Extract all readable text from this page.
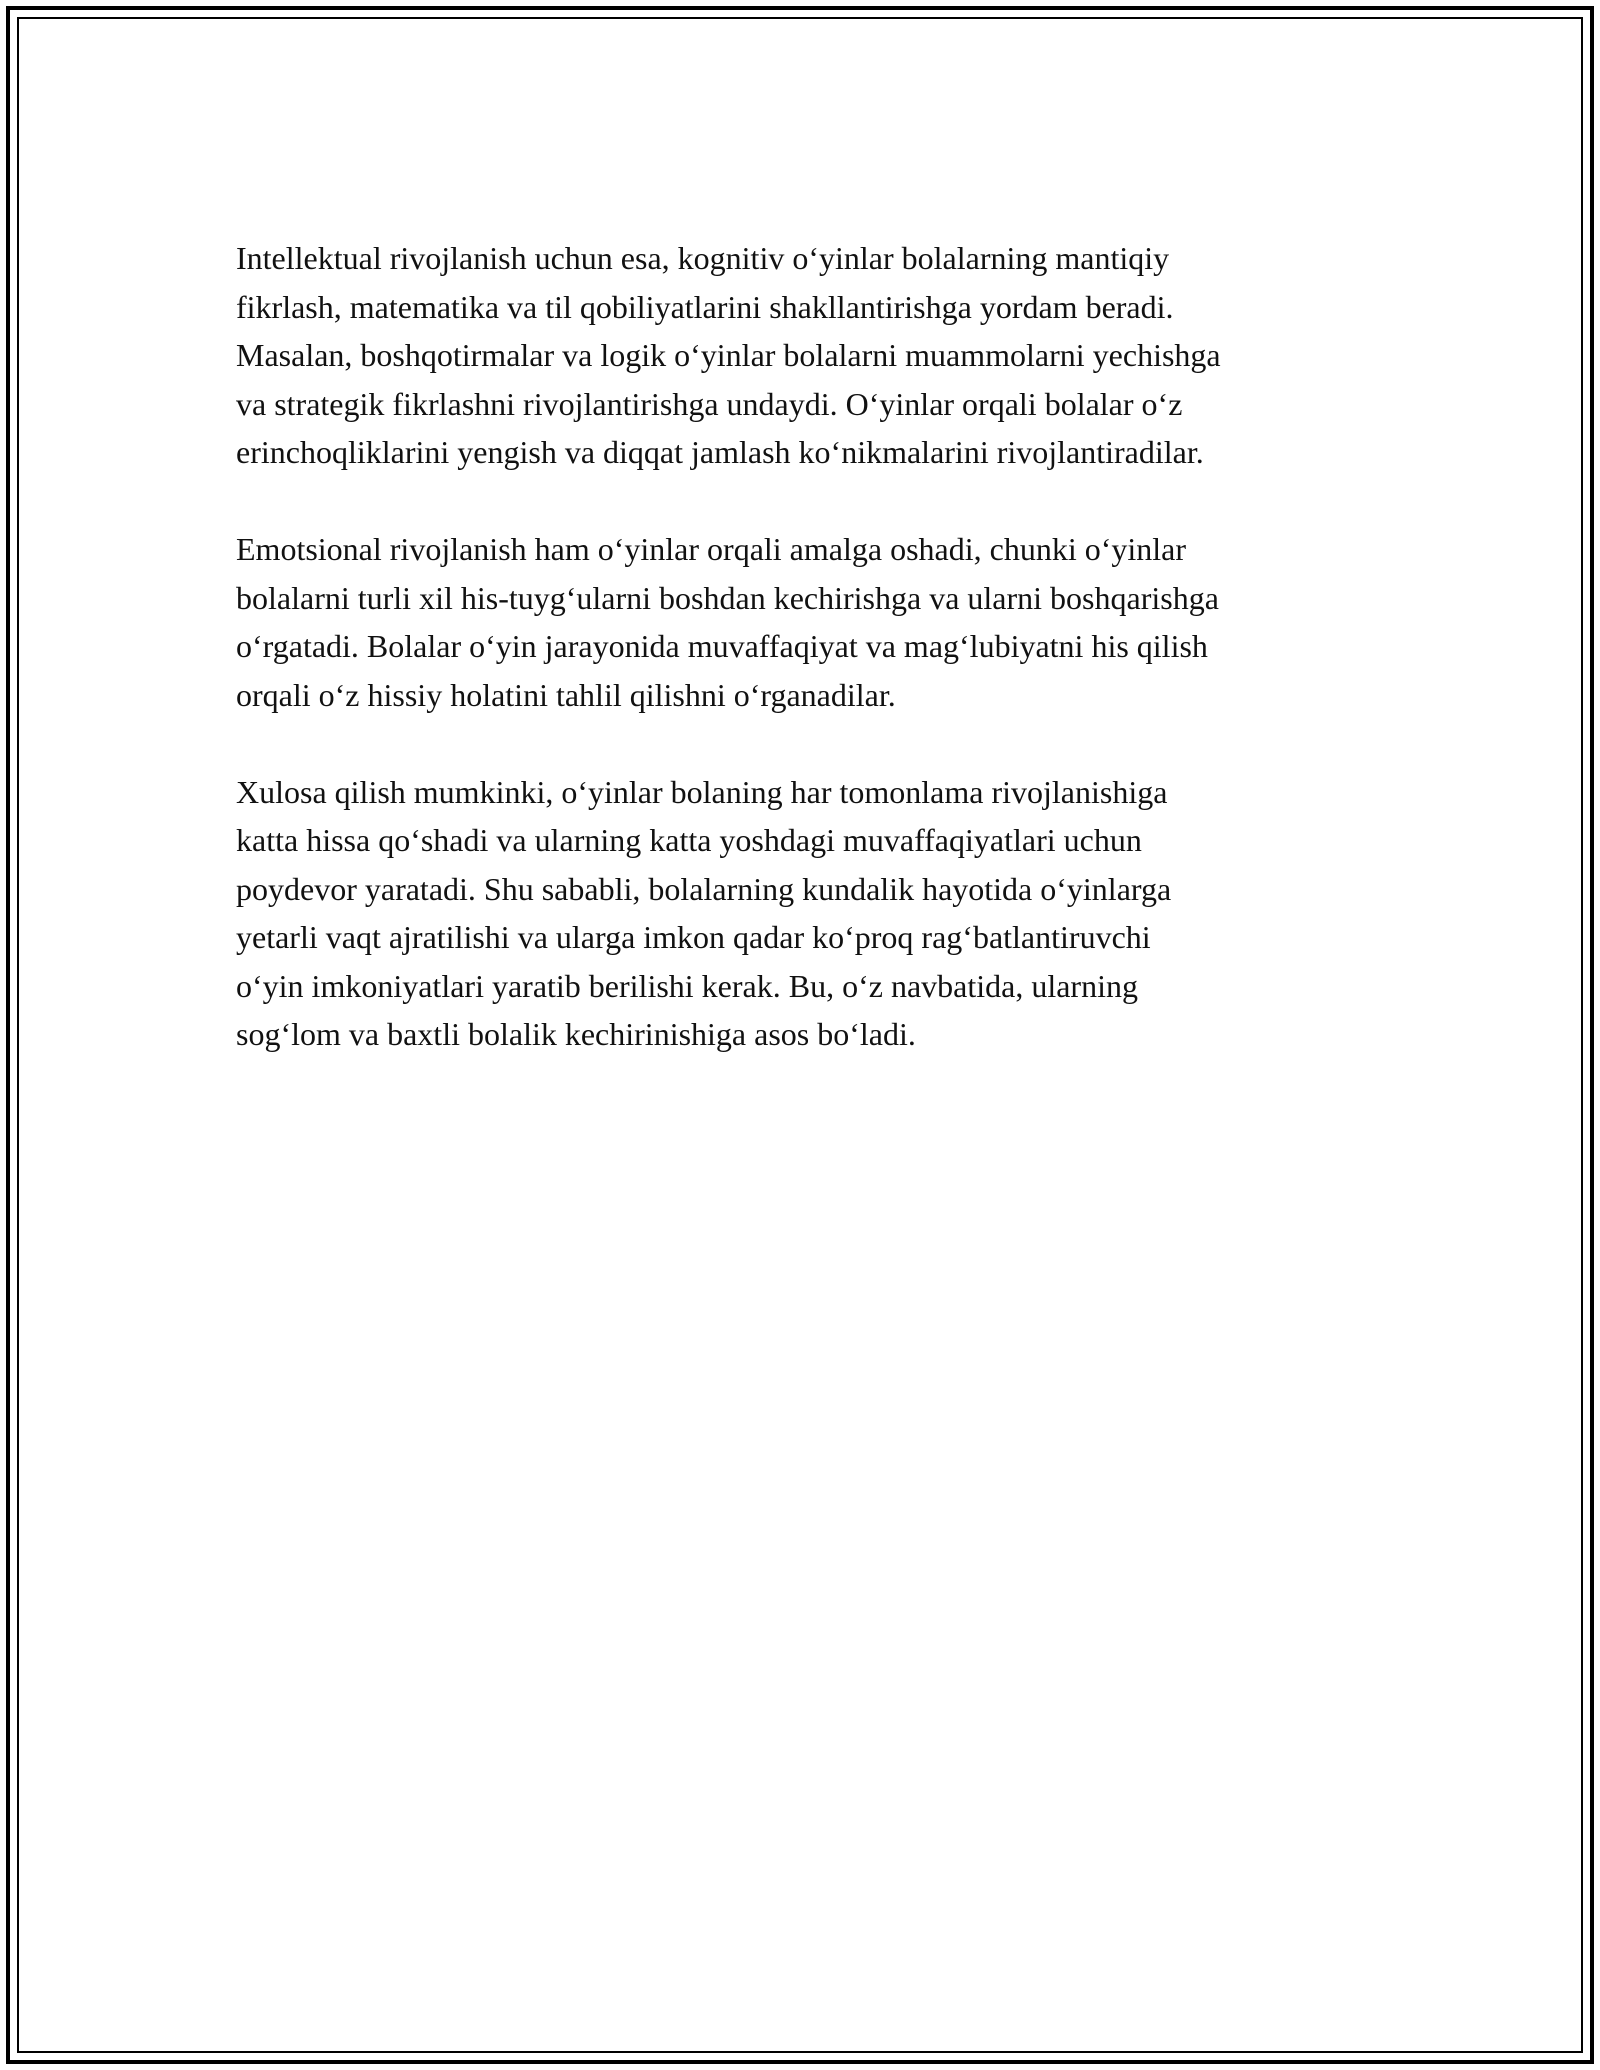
Intellektual rivojlanish uchun esa, kognitiv o‘yinlar bolalarning mantiqiy
fikrlash, matematika va til qobiliyatlarini shakllantirishga yordam beradi.
Masalan, boshqotirmalar va logik o‘yinlar bolalarni muammolarni yechishga
va strategik fikrlashni rivojlantirishga undaydi. O‘yinlar orqali bolalar o‘z
erinchoqliklarini yengish va diqqat jamlash ko‘nikmalarini rivojlantiradilar.

Emotsional rivojlanish ham o‘yinlar orqali amalga oshadi, chunki o‘yinlar
bolalarni turli xil his-tuyg‘ularni boshdan kechirishga va ularni boshqarishga
o‘rgatadi. Bolalar o‘yin jarayonida muvaffaqiyat va mag‘lubiyatni his qilish
orqali o‘z hissiy holatini tahlil qilishni o‘rganadilar.

Xulosa qilish mumkinki, o‘yinlar bolaning har tomonlama rivojlanishiga
katta hissa qo‘shadi va ularning katta yoshdagi muvaffaqiyatlari uchun
poydevor yaratadi. Shu sababli, bolalarning kundalik hayotida o‘yinlarga
yetarli vaqt ajratilishi va ularga imkon qadar ko‘proq rag‘batlantiruvchi
o‘yin imkoniyatlari yaratib berilishi kerak. Bu, o‘z navbatida, ularning
sog‘lom va baxtli bolalik kechirinishiga asos bo‘ladi.
